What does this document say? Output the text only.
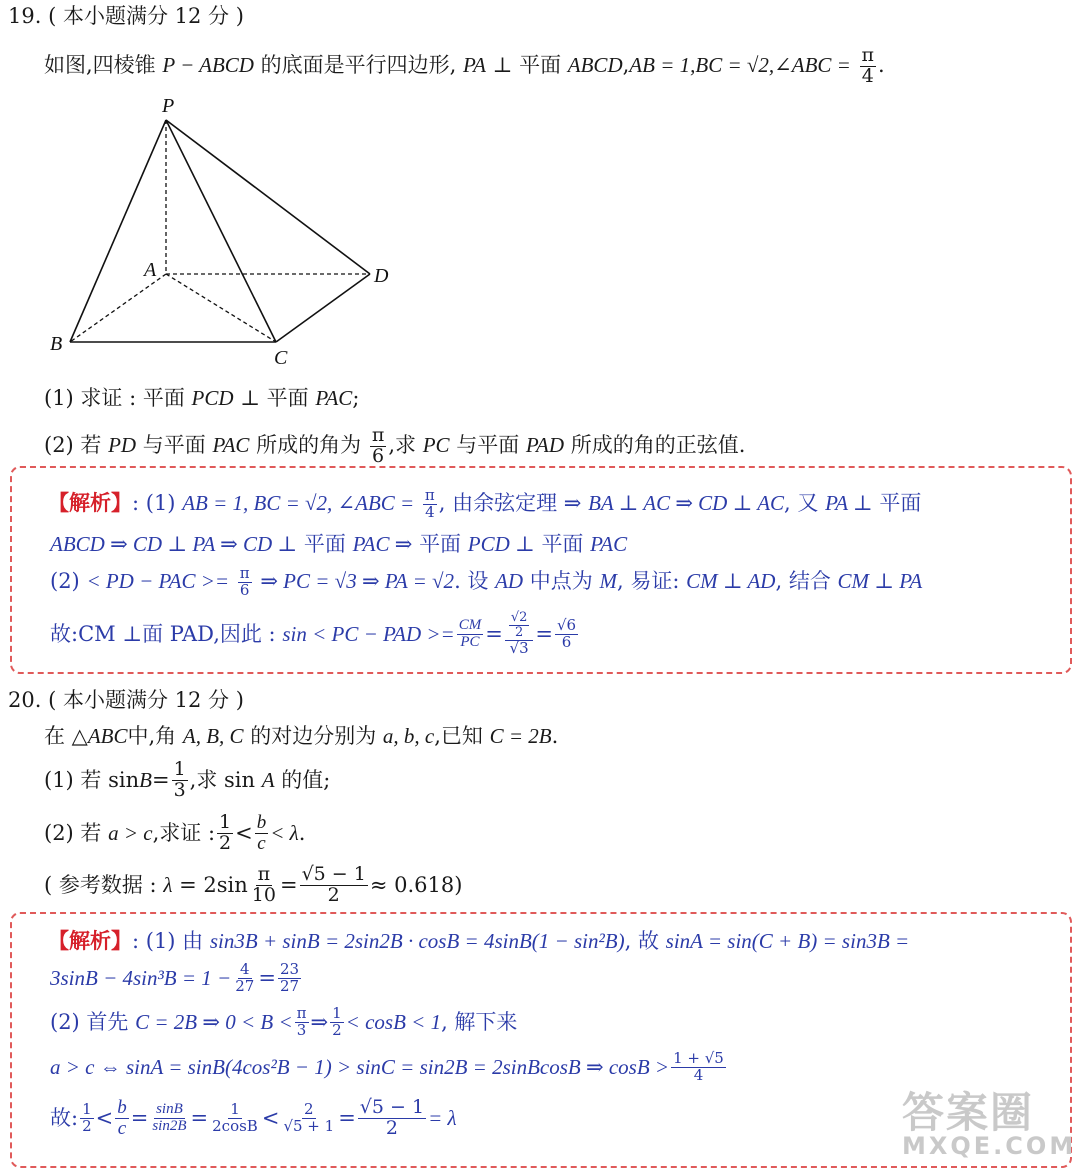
19. ( 本小题满分 12 分 )
如图,四棱锥 P − ABCD 的底面是平行四边形, PA ⊥ 平面 ABCD,AB = 1,BC = √2,∠ABC = $\frac{\pi}{4}$ .
P
A	D
B
C
(1) 求证 : 平面 PCD ⊥ 平面 PAC;
(2) 若 PD 与平面 PAC 所成的角为 $\frac{\pi}{6}$ ,求 PC 与平面 PAD 所成的角的正弦值.
【解析】: (1) AB = 1, BC = √2, ∠ABC = $\frac{\pi}{4}$ , 由余弦定理 ⇒ BA ⊥ AC ⇒ CD ⊥ AC, 又 PA ⊥ 平面
ABCD ⇒ CD ⊥ PA ⇒ CD ⊥ 平面 PAC ⇒ 平面 PCD ⊥ 平面 PAC
(2) < PD − PAC >= $\frac{\pi}{6}$ ⇒ PC = √3 ⇒ PA = √2. 设 AD 中点为 M, 易证: CM ⊥ AD, 结合 CM ⊥ PA
故:CM ⊥面 PAD,因此 :
sin < PC − PAD >= $\frac{CM}{PC} = \frac{\frac{√2}{2}}{√3} = \frac{√6}{6}$
20. ( 本小题满分 12 分 )
在 △ABC中,角 A, B, C 的对边分别为 a, b, c,已知 C = 2B.
(1) 若 $\sin B = \frac{1}{3}$ ,求 sin
A
的值;
(2) 若
a > c ,求证 : $\frac{1}{2} < \frac{b}{c} < \lambda$ .
( 参考数据 :
λ
= $2\sin \frac{\pi}{10} = \frac{√5 - 1}{2} \approx 0.618$)
【解析】: (1) 由 sin3B + sinB = 2sin2B · cosB = 4sinB(1 − sin²B), 故 sinA = sin(C + B) = sin3B =
$3\sin B - 4\sin^3B = 1 - \frac{4}{27} = \frac{23}{27}$
(2) 首先
C = 2B ⇒ $0 < B < \frac{\pi}{3}$ ⇒ $\frac{1}{2} < \cos B < 1$ , 解下来
a > c ⇔ sinA = sinB(4cos²B − 1) > sinC = sin2B = 2sinBcosB ⇒ $\cos B > \frac{1 + √5}{4}$
故: $\frac{1}{2} < \frac{b}{c} = \frac{\sin B}{\sin 2B} = \frac{1}{2\cos B} < \frac{2}{√5 + 1} = \frac{√5 - 1}{2} = \lambda$	答案圈
MXQE.COM
